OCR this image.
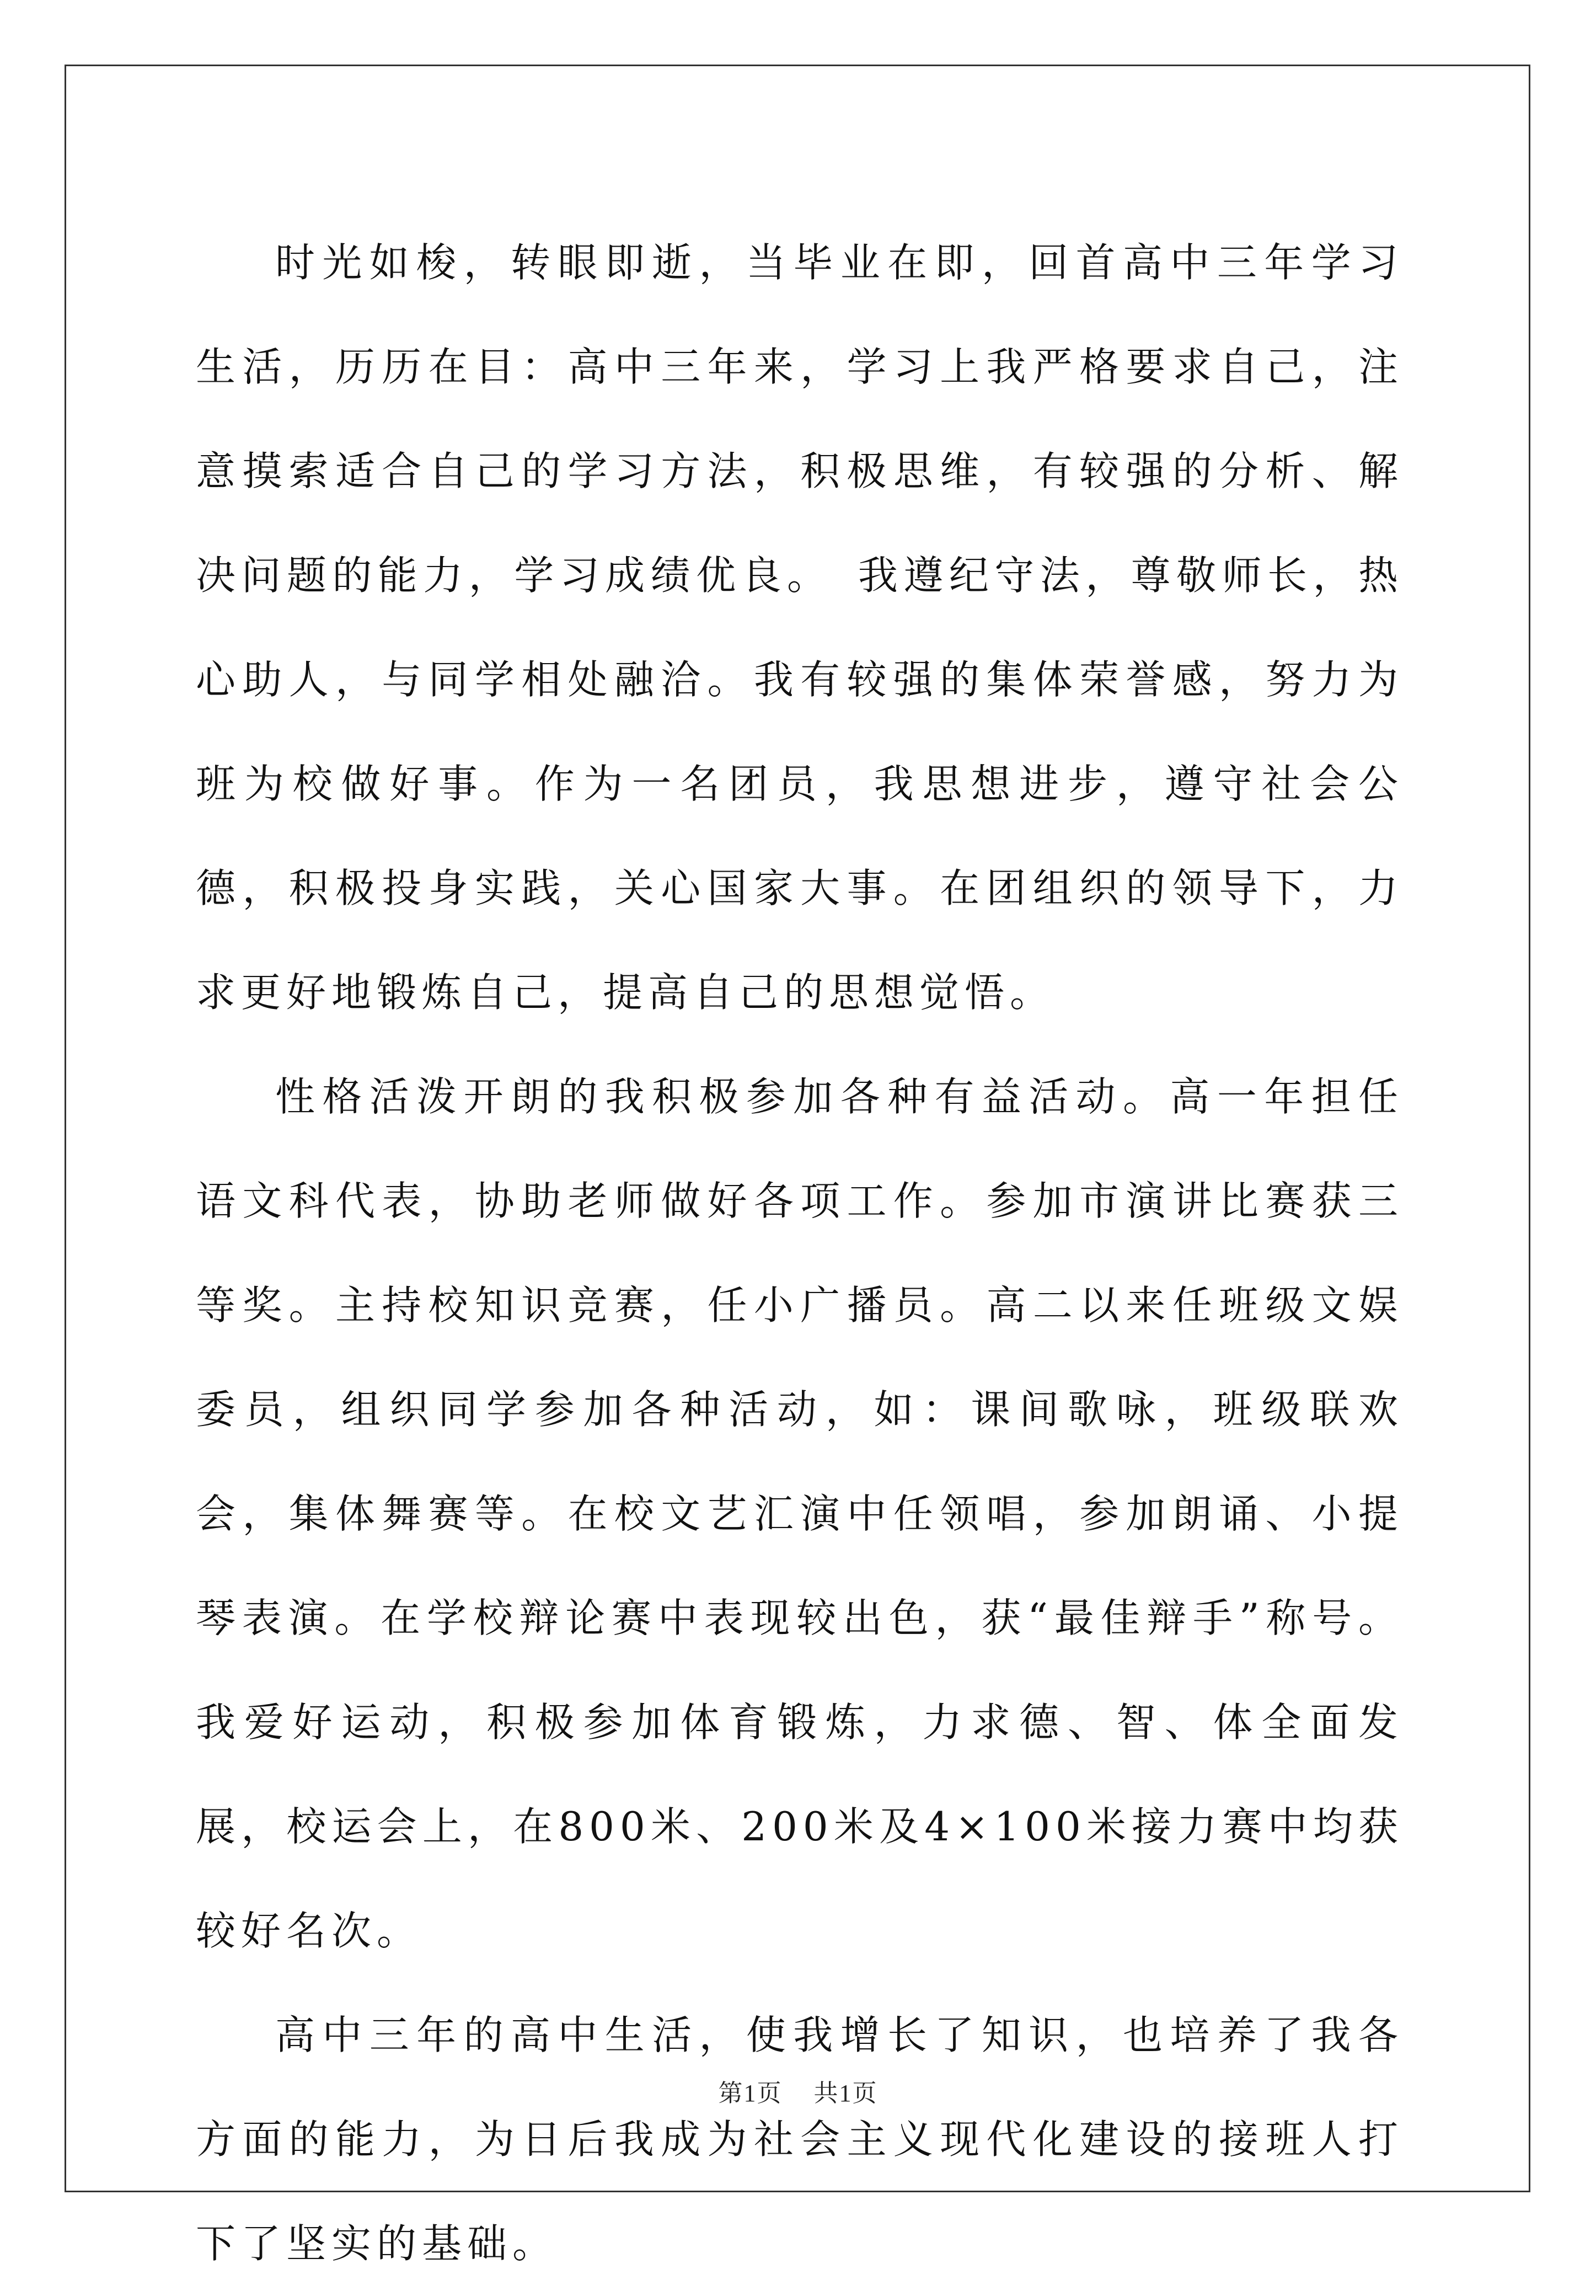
时光如梭，转眼即逝，当毕业在即，回首高中三年学习生活，历历在目：高中三年来，学习上我严格要求自己，注意摸索适合自己的学习方法，积极思维，有较强的分析、解决问题的能力，学习成绩优良。　我遵纪守法，尊敬师长，热心助人，与同学相处融洽。我有较强的集体荣誉感，努力为班为校做好事。作为一名团员，我思想进步，遵守社会公德，积极投身实践，关心国家大事。在团组织的领导下，力求更好地锻炼自己，提高自己的思想觉悟。

性格活泼开朗的我积极参加各种有益活动。高一年担任语文科代表，协助老师做好各项工作。参加市演讲比赛获三等奖。主持校知识竞赛，任小广播员。高二以来任班级文娱委员，组织同学参加各种活动，如：课间歌咏，班级联欢会，集体舞赛等。在校文艺汇演中任领唱，参加朗诵、小提琴表演。在学校辩论赛中表现较出色，获“最佳辩手”称号。我爱好运动，积极参加体育锻炼，力求德、智、体全面发展，校运会上，在800米、200米及4×100米接力赛中均获较好名次。

高中三年的高中生活，使我增长了知识，也培养了我各方面的能力，为日后我成为社会主义现代化建设的接班人打下了坚实的基础。

第1页 共1页
